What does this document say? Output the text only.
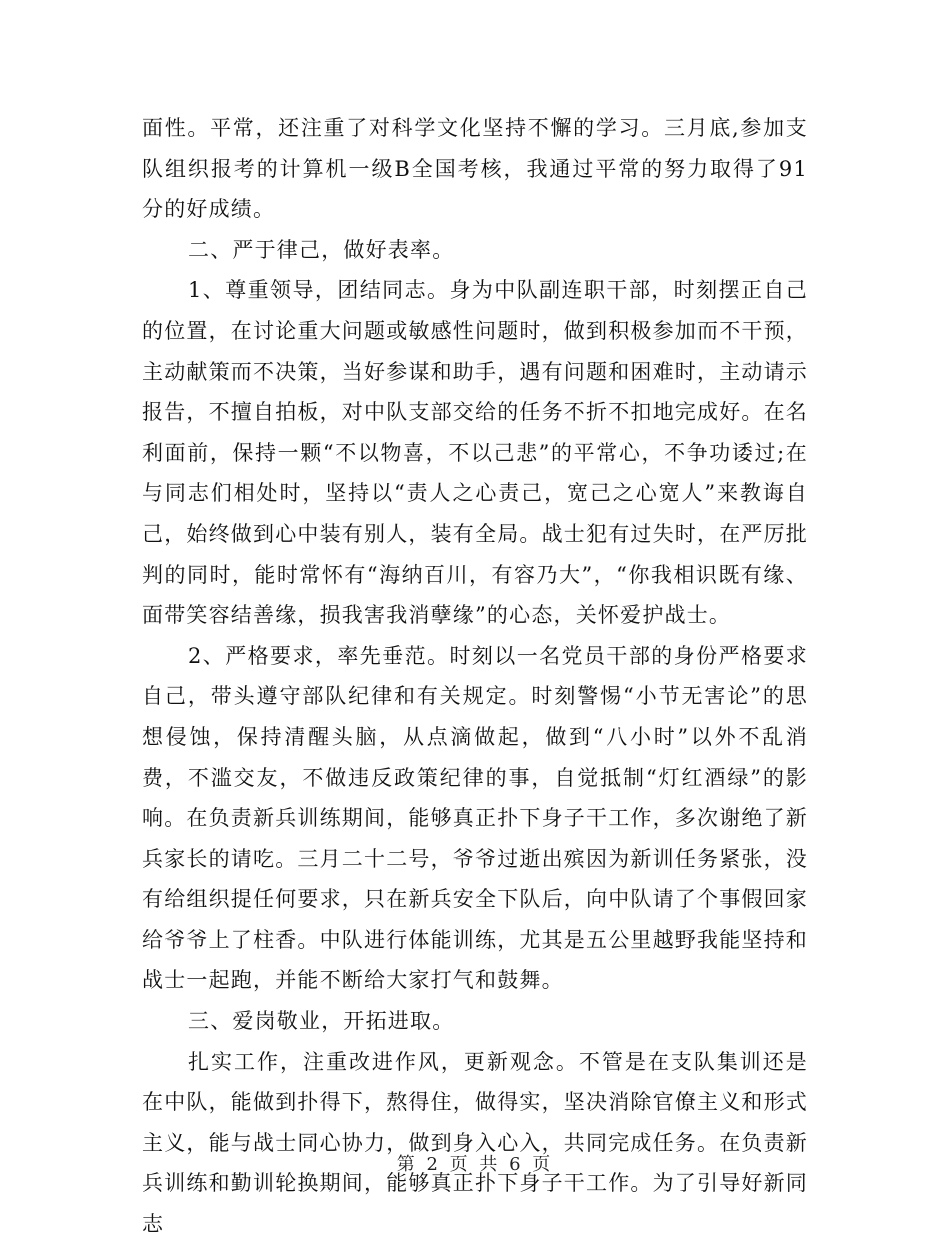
面性。平常，还注重了对科学文化坚持不懈的学习。三月底,参加支队组织报考的计算机一级B全国考核，我通过平常的努力取得了91分的好成绩。

二、严于律己，做好表率。

1、尊重领导，团结同志。身为中队副连职干部，时刻摆正自己的位置，在讨论重大问题或敏感性问题时，做到积极参加而不干预，主动献策而不决策，当好参谋和助手，遇有问题和困难时，主动请示报告，不擅自拍板，对中队支部交给的任务不折不扣地完成好。在名利面前，保持一颗“不以物喜，不以己悲”的平常心，不争功诿过;在与同志们相处时，坚持以“责人之心责己，宽己之心宽人”来教诲自己，始终做到心中装有别人，装有全局。战士犯有过失时，在严厉批判的同时，能时常怀有“海纳百川，有容乃大”，“你我相识既有缘、面带笑容结善缘，损我害我消孽缘”的心态，关怀爱护战士。

2、严格要求，率先垂范。时刻以一名党员干部的身份严格要求自己，带头遵守部队纪律和有关规定。时刻警惕“小节无害论”的思想侵蚀，保持清醒头脑，从点滴做起，做到“八小时”以外不乱消费，不滥交友，不做违反政策纪律的事，自觉抵制“灯红酒绿”的影响。在负责新兵训练期间，能够真正扑下身子干工作，多次谢绝了新兵家长的请吃。三月二十二号，爷爷过逝出殡因为新训任务紧张，没有给组织提任何要求，只在新兵安全下队后，向中队请了个事假回家给爷爷上了柱香。中队进行体能训练，尤其是五公里越野我能坚持和战士一起跑，并能不断给大家打气和鼓舞。

三、爱岗敬业，开拓进取。

扎实工作，注重改进作风，更新观念。不管是在支队集训还是在中队，能做到扑得下，熬得住，做得实，坚决消除官僚主义和形式主义，能与战士同心协力，做到身入心入，共同完成任务。在负责新兵训练和勤训轮换期间，能够真正扑下身子干工作。为了引导好新同志

第 2 页 共 6 页
